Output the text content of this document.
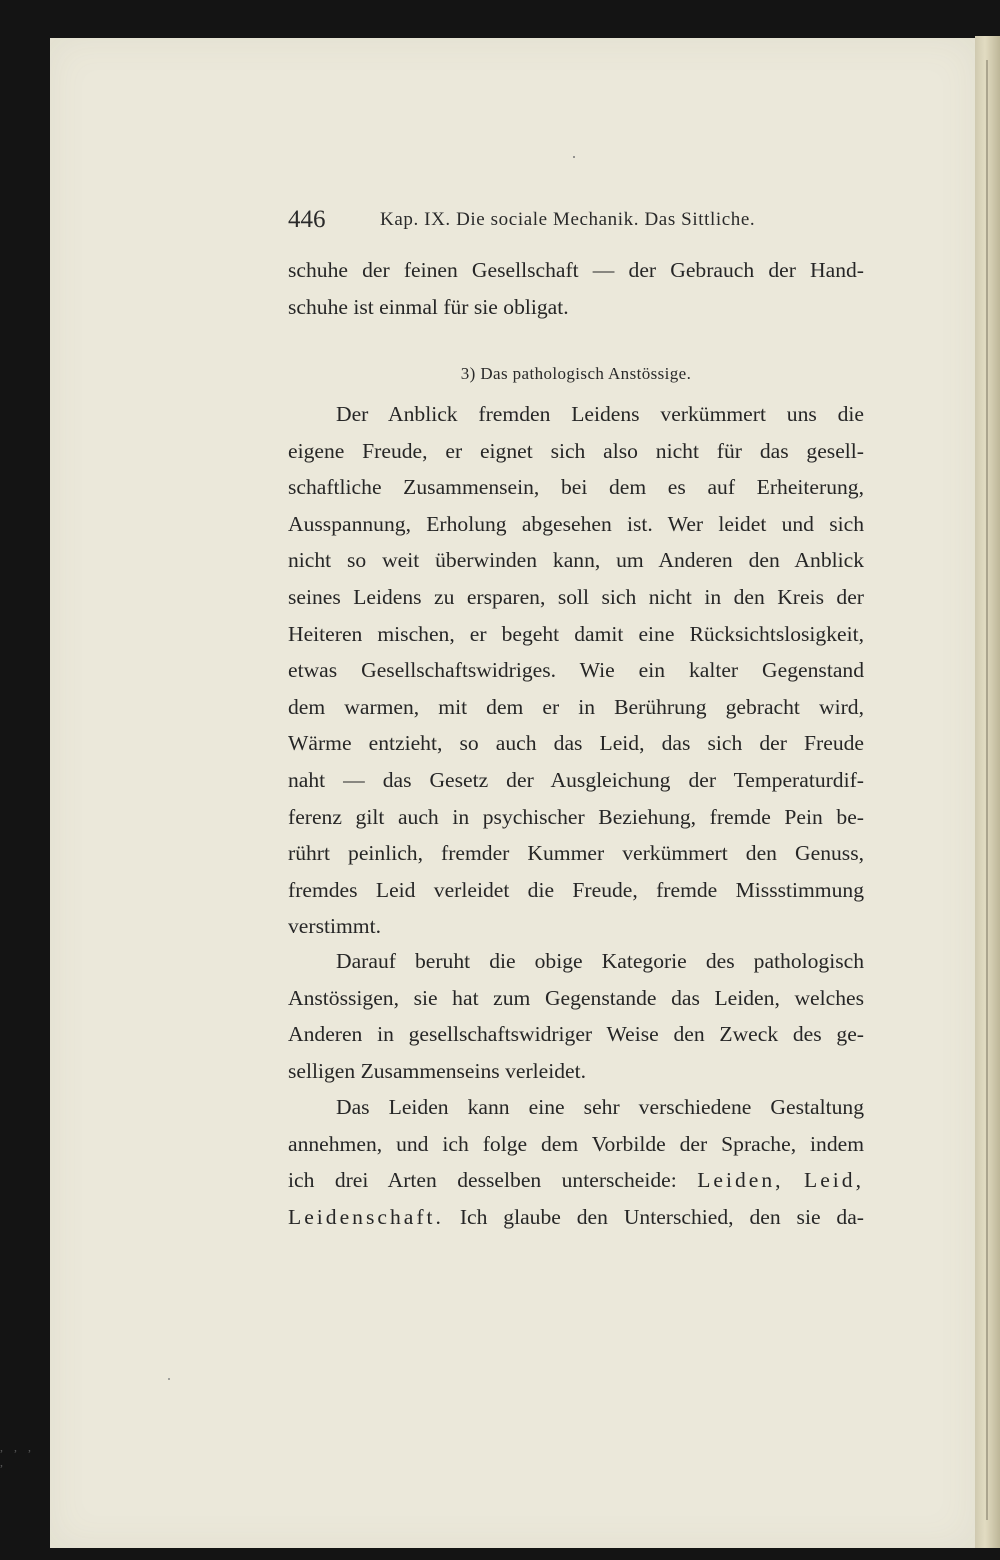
, , , ,
446	Kap. IX. Die sociale Mechanik. Das Sittliche.
schuhe der feinen Gesellschaft — der Gebrauch der Hand-
schuhe ist einmal für sie obligat.
3) Das pathologisch Anstössige.
Der Anblick fremden Leidens verkümmert uns die
eigene Freude, er eignet sich also nicht für das gesell-
schaftliche Zusammensein, bei dem es auf Erheiterung,
Ausspannung, Erholung abgesehen ist. Wer leidet und sich
nicht so weit überwinden kann, um Anderen den Anblick
seines Leidens zu ersparen, soll sich nicht in den Kreis der
Heiteren mischen, er begeht damit eine Rücksichtslosigkeit,
etwas Gesellschaftswidriges. Wie ein kalter Gegenstand
dem warmen, mit dem er in Berührung gebracht wird,
Wärme entzieht, so auch das Leid, das sich der Freude
naht — das Gesetz der Ausgleichung der Temperaturdif-
ferenz gilt auch in psychischer Beziehung, fremde Pein be-
rührt peinlich, fremder Kummer verkümmert den Genuss,
fremdes Leid verleidet die Freude, fremde Missstimmung
verstimmt.
Darauf beruht die obige Kategorie des pathologisch
Anstössigen, sie hat zum Gegenstande das Leiden, welches
Anderen in gesellschaftswidriger Weise den Zweck des ge-
selligen Zusammenseins verleidet.
Das Leiden kann eine sehr verschiedene Gestaltung
annehmen, und ich folge dem Vorbilde der Sprache, indem
ich drei Arten desselben unterscheide: Leiden, Leid,
Leidenschaft. Ich glaube den Unterschied, den sie da-
